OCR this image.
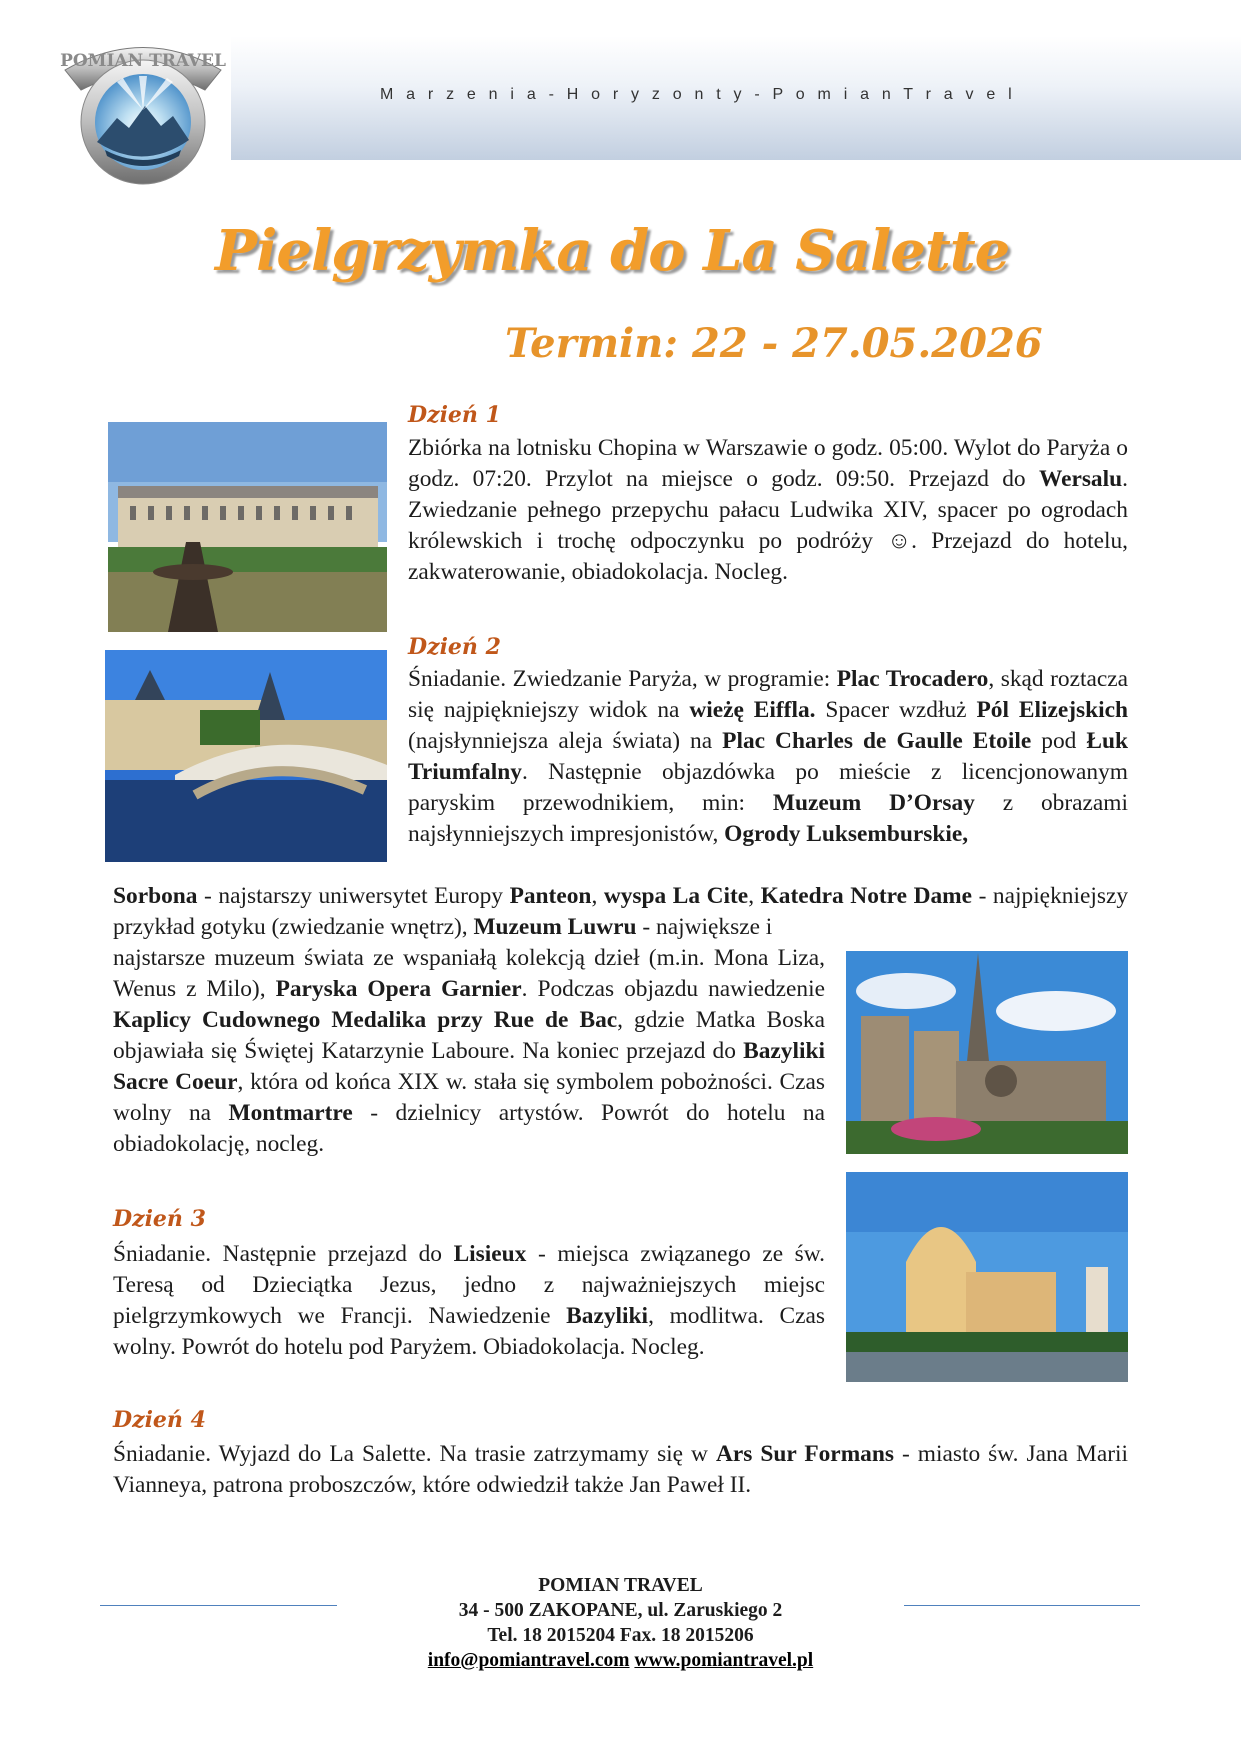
M a r z e n i a - H o r y z o n t y - P o m i a n T r a v e l
POMIAN TRAVEL
Pielgrzymka do La Salette
Termin: 22 - 27.05.2026
Dzień 1

Zbiórka na lotnisku Chopina w Warszawie o godz. 05:00. Wylot do Paryża o godz. 07:20. Przylot na miejsce o godz. 09:50. Przejazd do Wersalu. Zwiedzanie pełnego przepychu pałacu Ludwika XIV, spacer po ogrodach królewskich i trochę odpoczynku po podróży ☺. Przejazd do hotelu, zakwaterowanie, obiadokolacja. Nocleg.

Dzień 2

Śniadanie. Zwiedzanie Paryża, w programie: Plac Trocadero, skąd roztacza się najpiękniejszy widok na wieżę Eiffla. Spacer wzdłuż Pól Elizejskich (najsłynniejsza aleja świata) na Plac Charles de Gaulle Etoile pod Łuk Triumfalny. Następnie objazdówka po mieście z licencjonowanym paryskim przewodnikiem, min: Muzeum D’Orsay z obrazami najsłynniejszych impresjonistów, Ogrody Luksemburskie,

Sorbona - najstarszy uniwersytet Europy Panteon, wyspa La Cite, Katedra Notre Dame - najpiękniejszy przykład gotyku (zwiedzanie wnętrz), Muzeum Luwru - największe i

najstarsze muzeum świata ze wspaniałą kolekcją dzieł (m.in. Mona Liza, Wenus z Milo), Paryska Opera Garnier. Podczas objazdu nawiedzenie Kaplicy Cudownego Medalika przy Rue de Bac, gdzie Matka Boska objawiała się Świętej Katarzynie Laboure. Na koniec przejazd do Bazyliki Sacre Coeur, która od końca XIX w. stała się symbolem pobożności. Czas wolny na Montmartre - dzielnicy artystów. Powrót do hotelu na obiadokolację, nocleg.

Dzień 3

Śniadanie. Następnie przejazd do Lisieux - miejsca związanego ze św. Teresą od Dzieciątka Jezus, jedno z najważniejszych miejsc pielgrzymkowych we Francji. Nawiedzenie Bazyliki, modlitwa. Czas wolny. Powrót do hotelu pod Paryżem. Obiadokolacja. Nocleg.

Dzień 4

Śniadanie. Wyjazd do La Salette. Na trasie zatrzymamy się w Ars Sur Formans - miasto św. Jana Marii Vianneya, patrona proboszczów, które odwiedził także Jan Paweł II.

POMIAN TRAVEL
34 - 500 ZAKOPANE, ul. Zaruskiego 2
Tel. 18 2015204 Fax. 18 2015206
info@pomiantravel.com www.pomiantravel.pl
